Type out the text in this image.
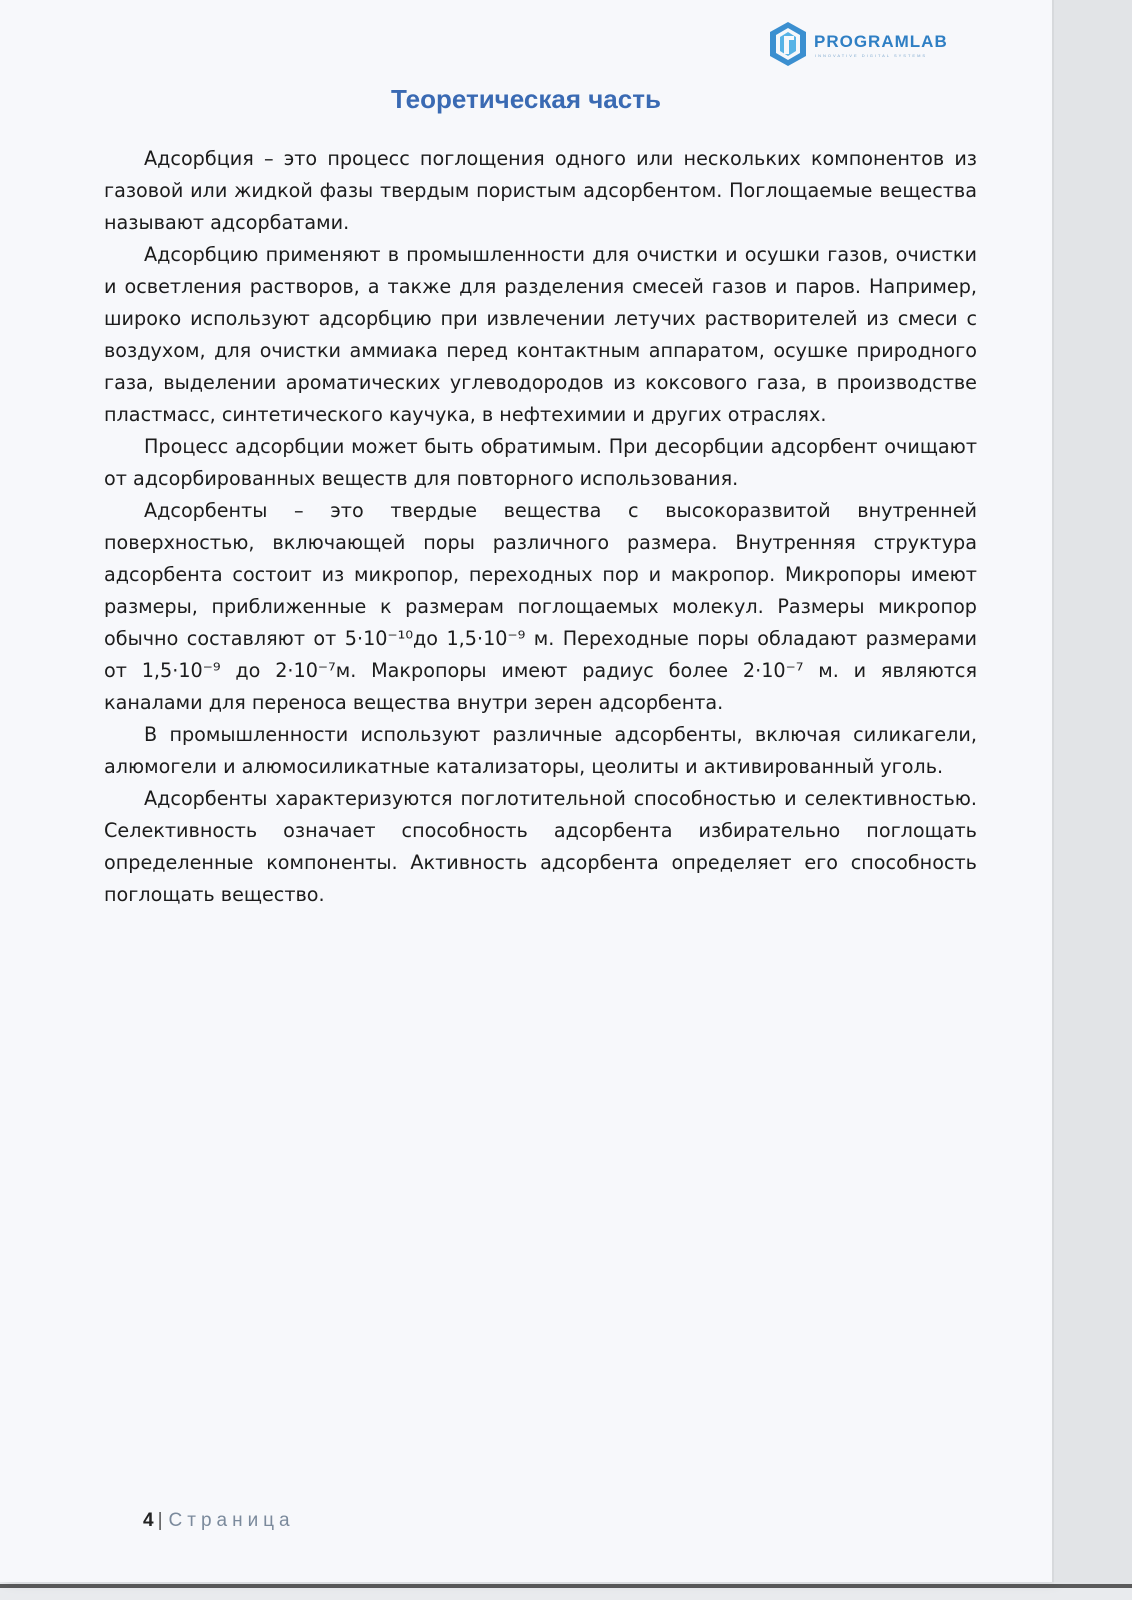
PROGRAMLAB
INNOVATIVE DIGITAL SYSTEMS
Теоретическая часть

Адсорбция – это процесс поглощения одного или нескольких компонентов из газовой или жидкой фазы твердым пористым адсорбентом. Поглощаемые вещества называют адсорбатами.

Адсорбцию применяют в промышленности для очистки и осушки газов, очистки и осветления растворов, а также для разделения смесей газов и паров. Например, широко используют адсорбцию при извлечении летучих растворителей из смеси с воздухом, для очистки аммиака перед контактным аппаратом, осушке природного газа, выделении ароматических углеводородов из коксового газа, в производстве пластмасс, синтетического каучука, в нефтехимии и других отраслях.

Процесс адсорбции может быть обратимым. При десорбции адсорбент очищают от адсорбированных веществ для повторного использования.

Адсорбенты – это твердые вещества с высокоразвитой внутренней поверхностью, включающей поры различного размера. Внутренняя структура адсорбента состоит из микропор, переходных пор и макропор. Микропоры имеют размеры, приближенные к размерам поглощаемых молекул. Размеры микропор обычно составляют от 5·10⁻¹⁰до 1,5·10⁻⁹ м. Переходные поры обладают размерами от 1,5·10⁻⁹ до 2·10⁻⁷м. Макропоры имеют радиус более 2·10⁻⁷ м. и являются каналами для переноса вещества внутри зерен адсорбента.

В промышленности используют различные адсорбенты, включая силикагели, алюмогели и алюмосиликатные катализаторы, цеолиты и активированный уголь.

Адсорбенты характеризуются поглотительной способностью и селективностью. Селективность означает способность адсорбента избирательно поглощать определенные компоненты. Активность адсорбента определяет его способность поглощать вещество.

4 | Страница
